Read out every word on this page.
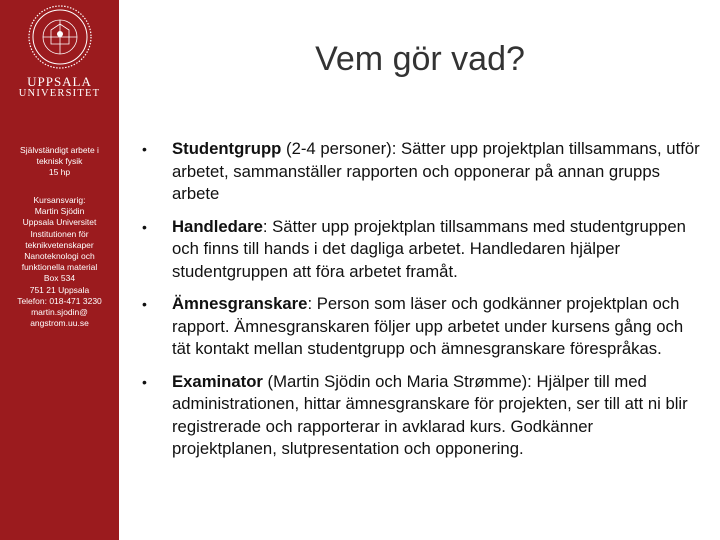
UPPSALA
UNIVERSITET
Självständigt arbete i
teknisk fysik
15 hp
Kursansvarig:
Martin Sjödin
Uppsala Universitet
Institutionen för
teknikvetenskaper
Nanoteknologi och
funktionella material
Box 534
751 21 Uppsala
Telefon: 018-471 3230
martin.sjodin@
angstrom.uu.se
Vem gör vad?
• Studentgrupp (2-4 personer): Sätter upp projektplan tillsammans, utför arbetet, sammanställer rapporten och opponerar på annan grupps arbete
• Handledare: Sätter upp projektplan tillsammans med studentgruppen och finns till hands i det dagliga arbetet. Handledaren hjälper studentgruppen att föra arbetet framåt.
• Ämnesgranskare: Person som läser och godkänner projektplan och rapport. Ämnesgranskaren följer upp arbetet under kursens gång och tät kontakt mellan studentgrupp och ämnesgranskare förespråkas.
• Examinator (Martin Sjödin och Maria Strømme): Hjälper till med administrationen, hittar ämnesgranskare för projekten, ser till att ni blir registrerade och rapporterar in avklarad kurs. Godkänner projektplanen, slutpresentation och opponering.
